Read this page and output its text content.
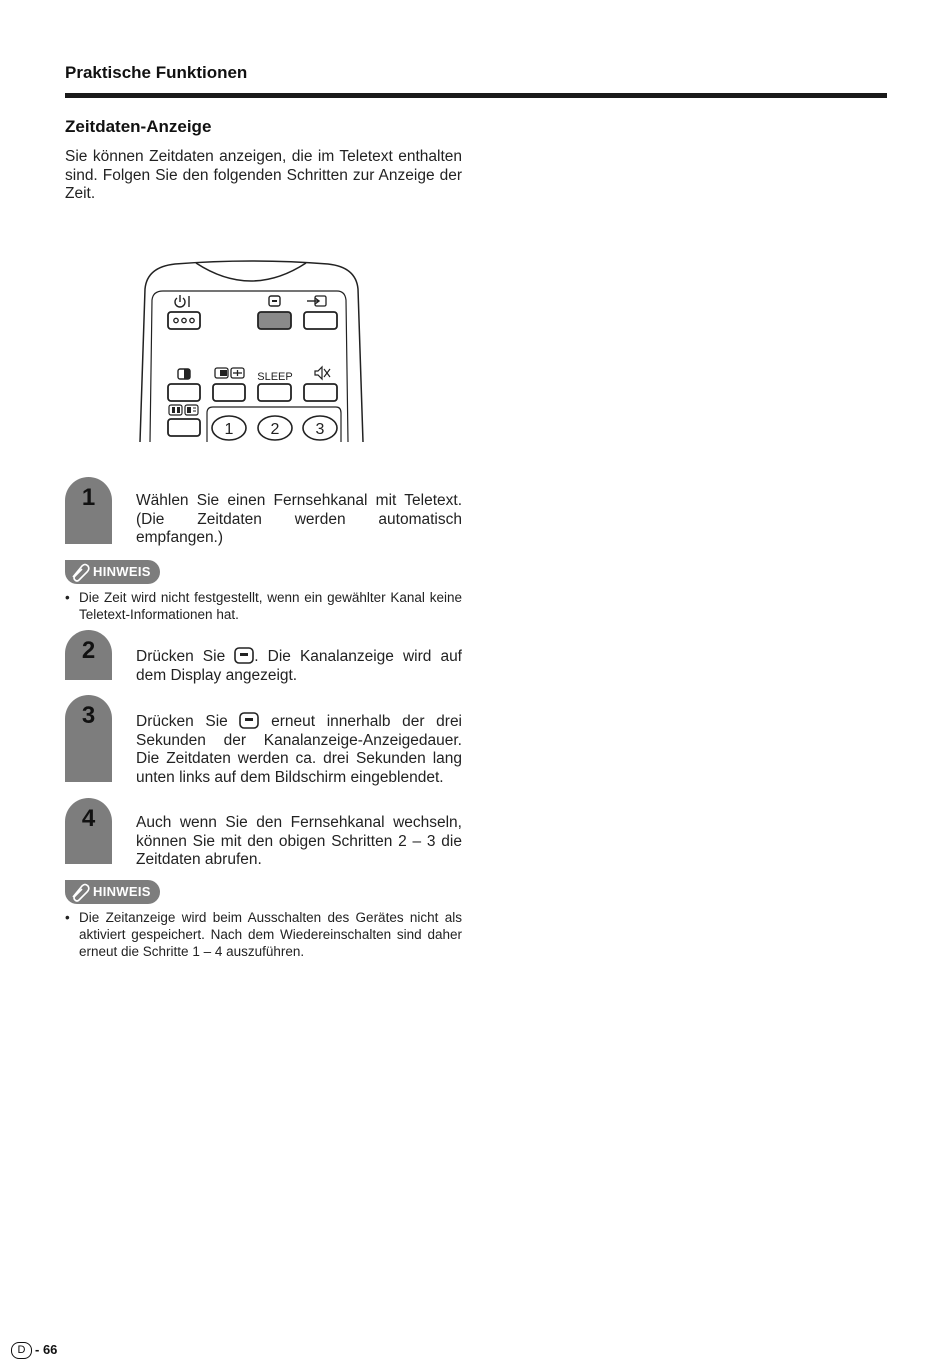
Praktische Funktionen
Zeitdaten-Anzeige
Sie können Zeitdaten anzeigen, die im Teletext enthalten sind. Folgen Sie den folgenden Schritten zur Anzeige der Zeit.
SLEEP
1 2 3
1	Wählen Sie einen Fernsehkanal mit Teletext. (Die Zeitdaten werden automatisch empfangen.)
HINWEIS
• Die Zeit wird nicht festgestellt, wenn ein gewählter Kanal keine Teletext-Informationen hat.
2	Drücken Sie . Die Kanalanzeige wird auf dem Display angezeigt.
3	Drücken Sie	erneut innerhalb der drei Sekunden der Kanalanzeige-Anzeigedauer. Die Zeitdaten werden ca. drei Sekunden lang unten links auf dem Bildschirm eingeblendet.
4	Auch wenn Sie den Fernsehkanal wechseln, können Sie mit den obigen Schritten 2 – 3 die Zeitdaten abrufen.
HINWEIS
• Die Zeitanzeige wird beim Ausschalten des Gerätes nicht als aktiviert gespeichert. Nach dem Wiedereinschalten sind daher erneut die Schritte 1 – 4 auszuführen.
D - 66
